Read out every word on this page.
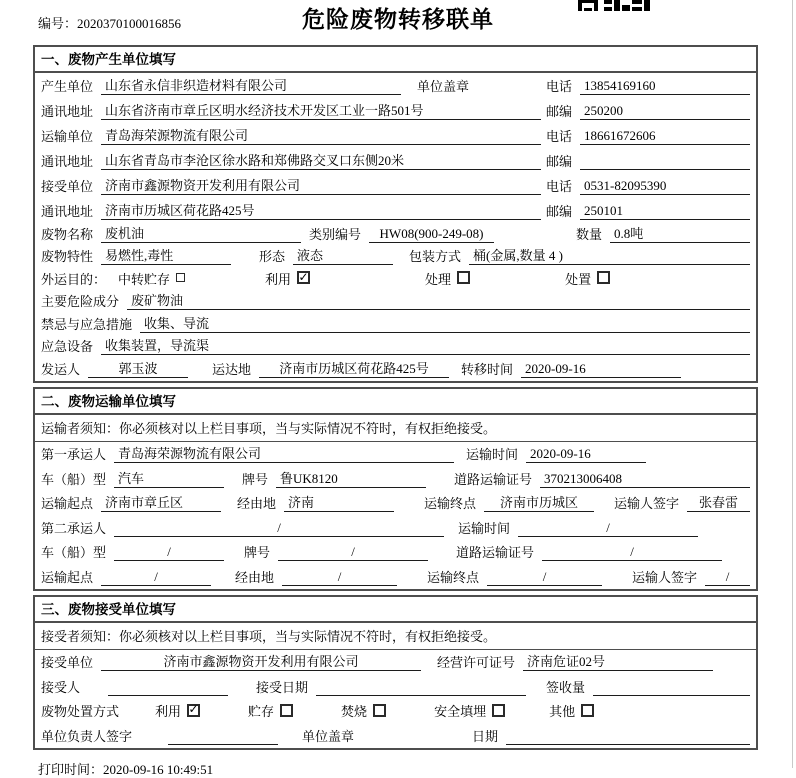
编号：2020370100016856	危险废物转移联单
一、废物产生单位填写
产生单位 山东省永信非织造材料有限公司	单位盖章	电话 13854169160
通讯地址 山东省济南市章丘区明水经济技术开发区工业一路501号	邮编 250200
运输单位 青岛海荣源物流有限公司	电话 18661672606
通讯地址 山东省青岛市李沧区徐水路和郑佛路交叉口东侧20米	邮编
接受单位 济南市鑫源物资开发利用有限公司	电话 0531-82095390
通讯地址 济南市历城区荷花路425号	邮编 250101
废物名称 废机油	类别编号	HW08(900-249-08)	数量 0.8吨
废物特性 易燃性,毒性	形态 液态	包装方式 桶(金属,数量 4 )
外运目的： 中转贮存	利用 ✓	处理	处置
主要危险成分 废矿物油
禁忌与应急措施 收集、导流
应急设备 收集装置，导流渠
发运人	郭玉波	运达地	济南市历城区荷花路425号	转移时间 2020-09-16
二、废物运输单位填写
运输者须知：你必须核对以上栏目事项，当与实际情况不符时，有权拒绝接受。
第一承运人 青岛海荣源物流有限公司	运输时间 2020-09-16
车（船）型 汽车	牌号 鲁UK8120	道路运输证号 370213006408
运输起点 济南市章丘区	经由地 济南	运输终点	济南市历城区	运输人签字	张春雷
第二承运人	/	运输时间	/
车（船）型	/	牌号	/	道路运输证号	/
运输起点	/	经由地	/	运输终点	/	运输人签字	/
三、废物接受单位填写
接受者须知：你必须核对以上栏目事项，当与实际情况不符时，有权拒绝接受。
接受单位	济南市鑫源物资开发利用有限公司	经营许可证号 济南危证02号
接受人	接受日期	签收量
废物处置方式	利用 ✓	贮存	焚烧	安全填埋	其他
单位负责人签字	单位盖章	日期
打印时间：2020-09-16 10:49:51
